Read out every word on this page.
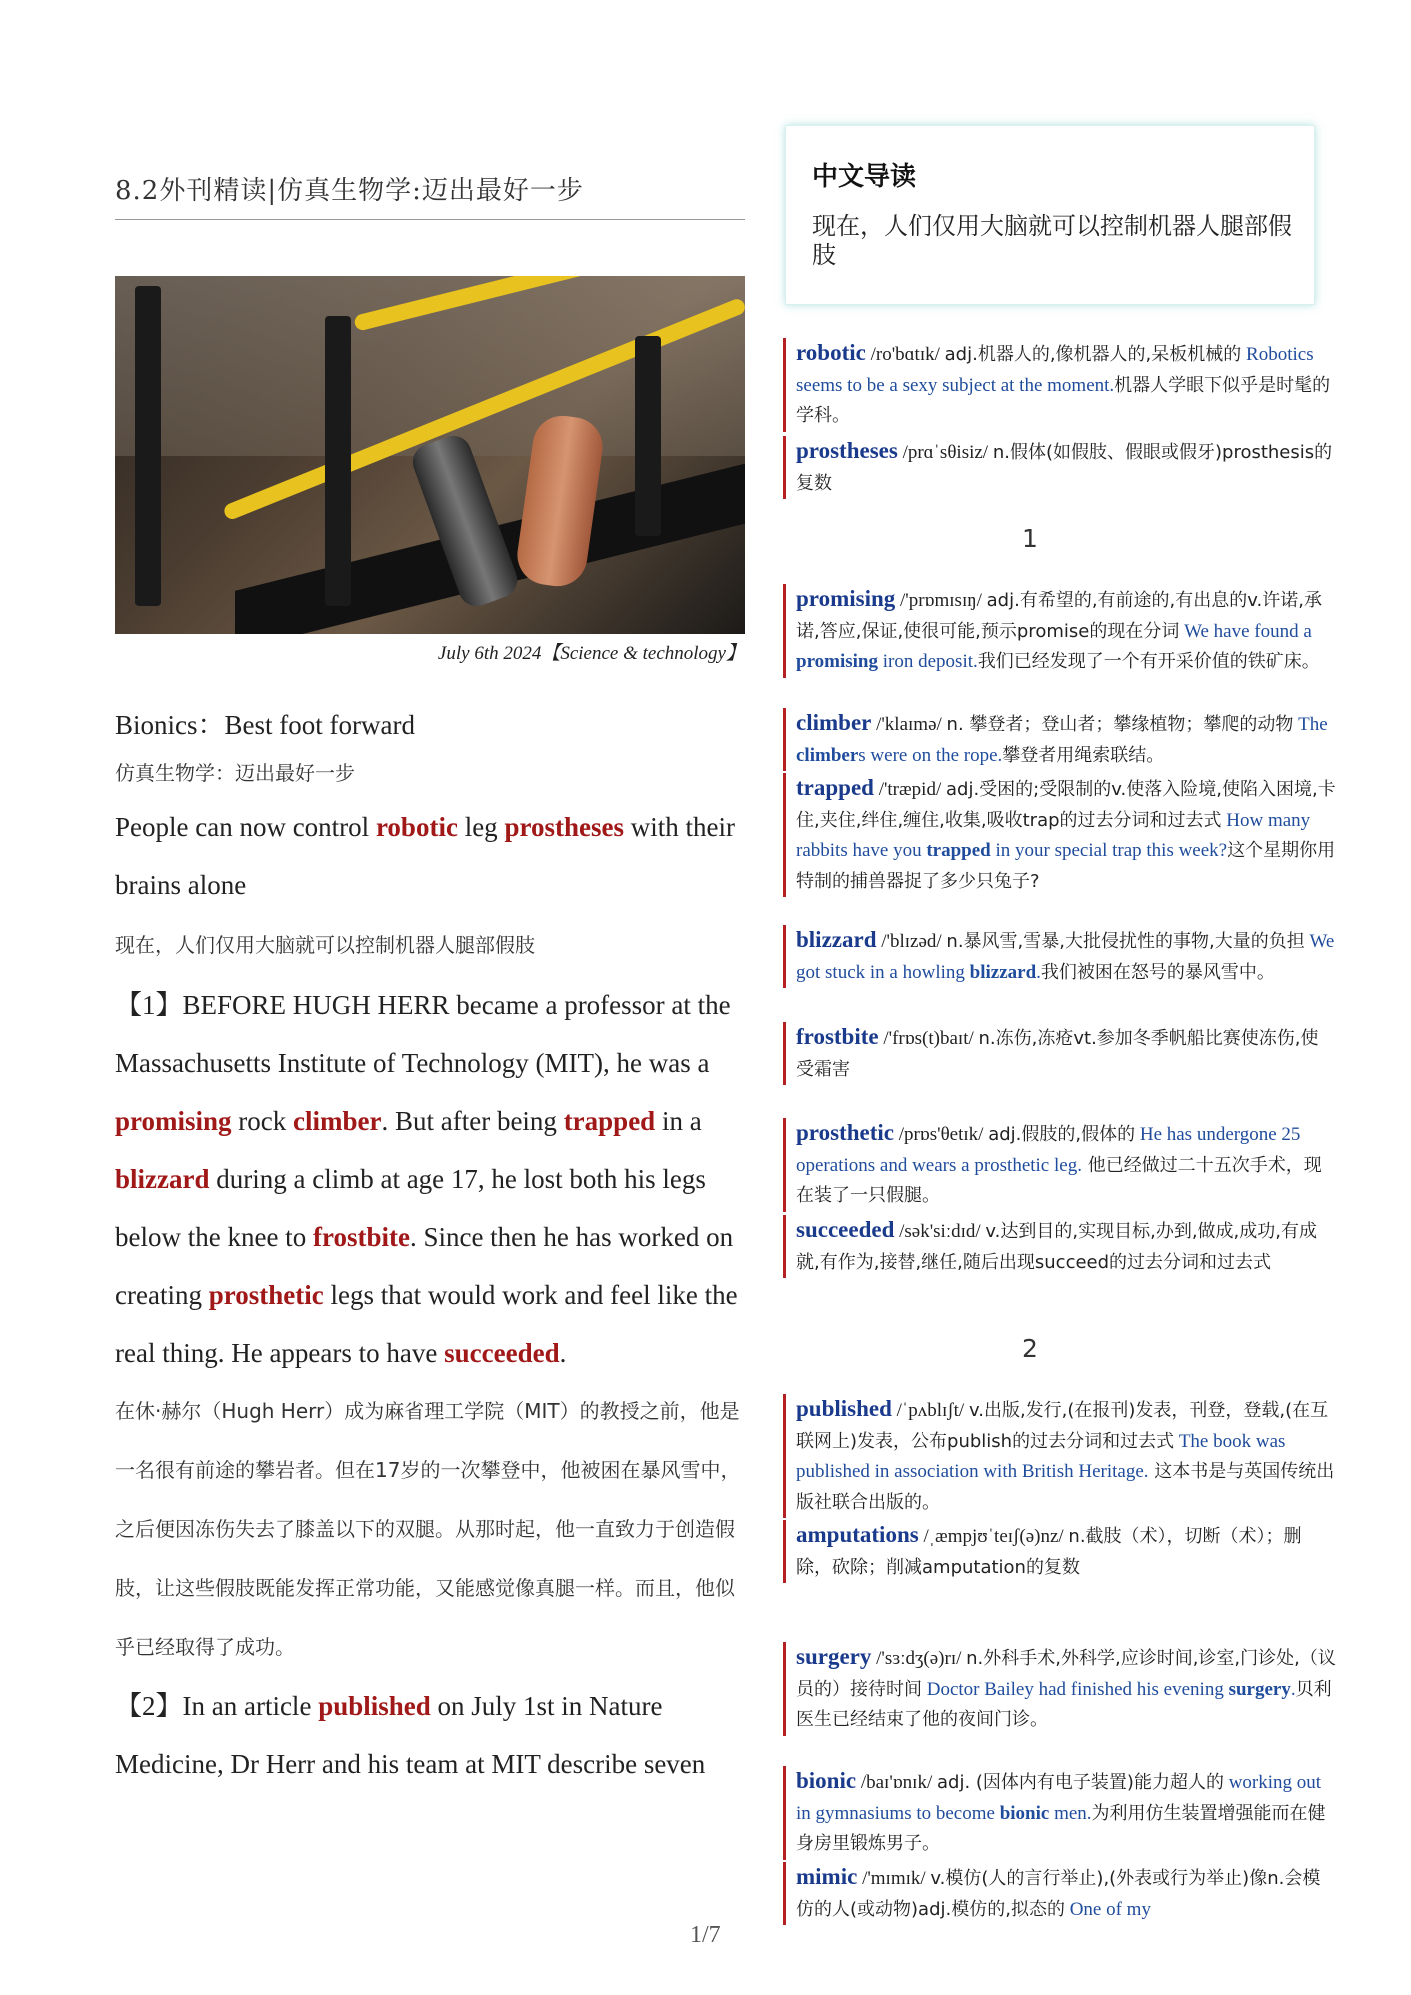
8.2外刊精读|仿真生物学:迈出最好一步
July 6th 2024【Science & technology】
Bionics：Best foot forward
仿真生物学：迈出最好一步
People can now control robotic leg prostheses with their brains alone
现在，人们仅用大脑就可以控制机器人腿部假肢
【1】BEFORE HUGH HERR became a professor at the Massachusetts Institute of Technology (MIT), he was a promising rock climber. But after being trapped in a blizzard during a climb at age 17, he lost both his legs below the knee to frostbite. Since then he has worked on creating prosthetic legs that would work and feel like the real thing. He appears to have succeeded.
在休·赫尔（Hugh Herr）成为麻省理工学院（MIT）的教授之前，他是一名很有前途的攀岩者。但在17岁的一次攀登中，他被困在暴风雪中，之后便因冻伤失去了膝盖以下的双腿。从那时起，他一直致力于创造假肢，让这些假肢既能发挥正常功能，又能感觉像真腿一样。而且，他似乎已经取得了成功。
【2】In an article published on July 1st in Nature Medicine, Dr Herr and his team at MIT describe seven
1/7
中文导读
现在，人们仅用大脑就可以控制机器人腿部假肢
robotic /ro'bɑtɪk/ adj.机器人的,像机器人的,呆板机械的 Robotics seems to be a sexy subject at the moment.机器人学眼下似乎是时髦的学科。
prostheses /prɑˈsθisiz/ n.假体(如假肢、假眼或假牙)prosthesis的复数
1
promising /'prɒmɪsɪŋ/ adj.有希望的,有前途的,有出息的v.许诺,承诺,答应,保证,使很可能,预示promise的现在分词 We have found a promising iron deposit.我们已经发现了一个有开采价值的铁矿床。
climber /'klaɪmə/ n. 攀登者；登山者；攀缘植物；攀爬的动物 The climbers were on the rope.攀登者用绳索联结。
trapped /'træpid/ adj.受困的;受限制的v.使落入险境,使陷入困境,卡住,夹住,绊住,缠住,收集,吸收trap的过去分词和过去式 How many rabbits have you trapped in your special trap this week?这个星期你用特制的捕兽器捉了多少只兔子?
blizzard /'blɪzəd/ n.暴风雪,雪暴,大批侵扰性的事物,大量的负担 We got stuck in a howling blizzard.我们被困在怒号的暴风雪中。
frostbite /'frɒs(t)baɪt/ n.冻伤,冻疮vt.参加冬季帆船比赛使冻伤,使受霜害
prosthetic /prɒs'θetɪk/ adj.假肢的,假体的 He has undergone 25 operations and wears a prosthetic leg. 他已经做过二十五次手术，现在装了一只假腿。
succeeded /sək'siːdɪd/ v.达到目的,实现目标,办到,做成,成功,有成就,有作为,接替,继任,随后出现succeed的过去分词和过去式
2
published /ˈpʌblɪʃt/ v.出版,发行,(在报刊)发表，刊登，登载,(在互联网上)发表，公布publish的过去分词和过去式 The book was published in association with British Heritage. 这本书是与英国传统出版社联合出版的。
amputations /ˌæmpjʊˈteɪʃ(ə)nz/ n.截肢（术），切断（术）；删除，砍除；削减amputation的复数
surgery /'sɜːdʒ(ə)rɪ/ n.外科手术,外科学,应诊时间,诊室,门诊处,（议员的）接待时间 Doctor Bailey had finished his evening surgery.贝利医生已经结束了他的夜间门诊。
bionic /baɪ'ɒnɪk/ adj. (因体内有电子装置)能力超人的 working out in gymnasiums to become bionic men.为利用仿生装置增强能而在健身房里锻炼男子。
mimic /'mɪmɪk/ v.模仿(人的言行举止),(外表或行为举止)像n.会模仿的人(或动物)adj.模仿的,拟态的 One of my
